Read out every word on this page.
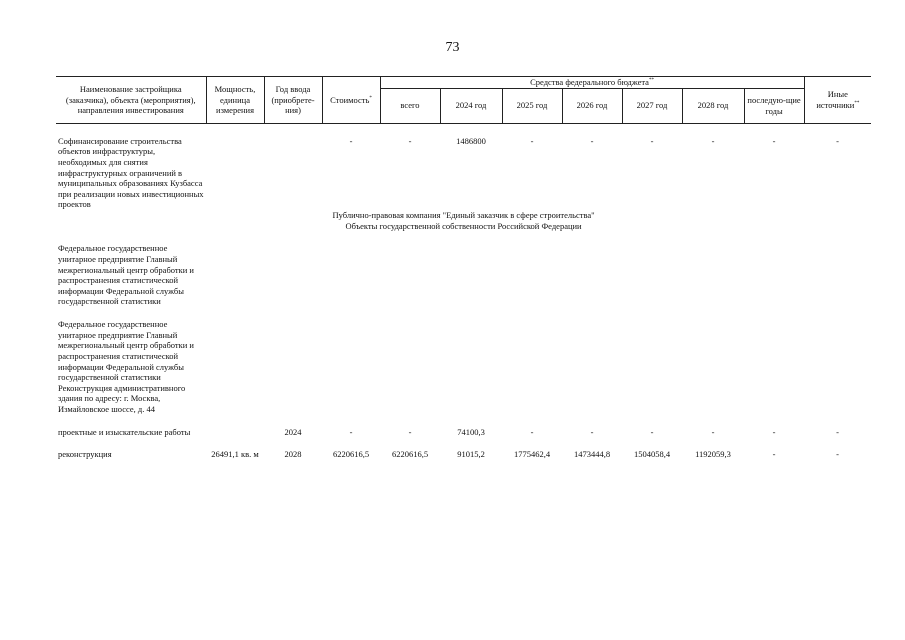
73
Наименование застройщика (заказчика), объекта (мероприятия), направления инвестирования	Мощность, единица измерения	Год ввода (приобрете-ния)	Стоимость*	Средства федерального бюджета**							Иные источники**
				всего	2024 год	2025 год	2026 год	2027 год	2028 год	последую-щие годы	

Софинансирование строительства объектов инфраструктуры, необходимых для снятия инфраструктурных ограничений в муниципальных образованиях Кузбасса при реализации новых инвестиционных проектов			-	-	1486800	-	-	-	-	-	-
Публично-правовая компания "Единый заказчик в сфере строительства"											
Объекты государственной собственности Российской Федерации											

Федеральное государственное унитарное предприятие Главный межрегиональный центр обработки и распространения статистической информации Федеральной службы государственной статистики											

Федеральное государственное унитарное предприятие Главный межрегиональный центр обработки и распространения статистической информации Федеральной службы государственной статистики Реконструкция административного здания по адресу: г. Москва, Измайловское шоссе, д. 44											

проектные и изыскательские работы		2024	-	-	74100,3	-	-	-	-	-	-

реконструкция	26491,1 кв. м	2028	6220616,5	6220616,5	91015,2	1775462,4	1473444,8	1504058,4	1192059,3	-	-
